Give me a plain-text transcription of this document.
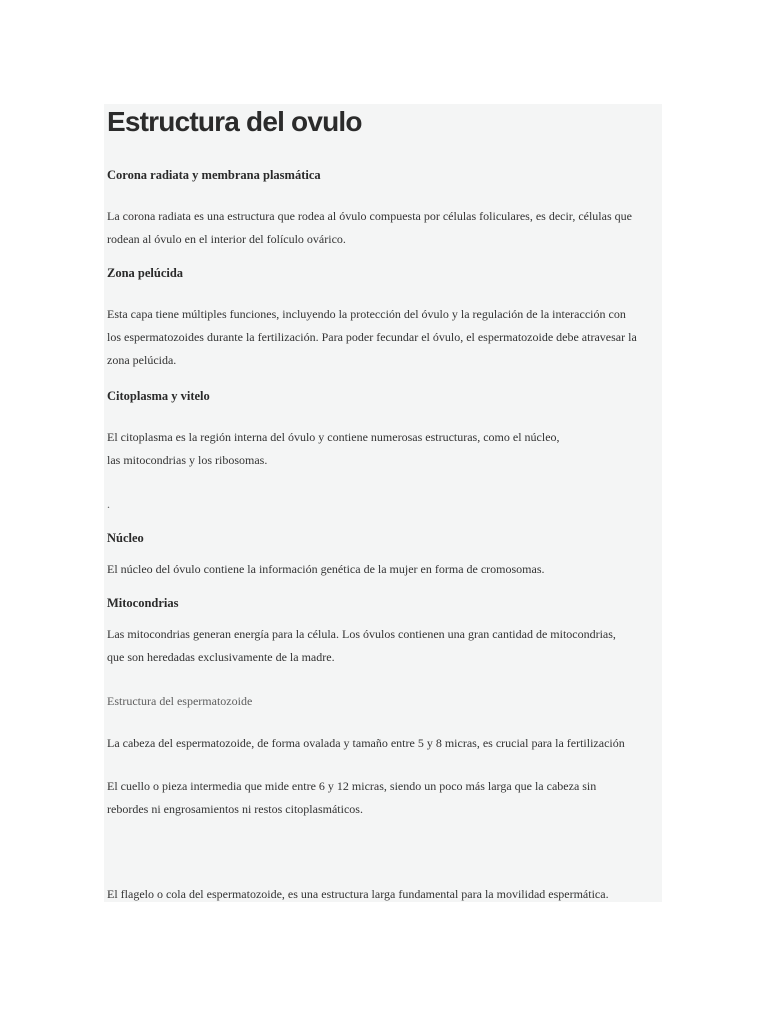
Estructura del ovulo
Corona radiata y membrana plasmática
La corona radiata es una estructura que rodea al óvulo compuesta por células foliculares, es decir, células que
rodean al óvulo en el interior del folículo ovárico.
Zona pelúcida
Esta capa tiene múltiples funciones, incluyendo la protección del óvulo y la regulación de la interacción con
los espermatozoides durante la fertilización. Para poder fecundar el óvulo, el espermatozoide debe atravesar la
zona pelúcida.
Citoplasma y vitelo
El citoplasma es la región interna del óvulo y contiene numerosas estructuras, como el núcleo,
las mitocondrias y los ribosomas.
.
Núcleo
El núcleo del óvulo contiene la información genética de la mujer en forma de cromosomas.
Mitocondrias
Las mitocondrias generan energía para la célula. Los óvulos contienen una gran cantidad de mitocondrias,
que son heredadas exclusivamente de la madre.
Estructura del espermatozoide
La cabeza del espermatozoide, de forma ovalada y tamaño entre 5 y 8 micras, es crucial para la fertilización
El cuello o pieza intermedia que mide entre 6 y 12 micras, siendo un poco más larga que la cabeza sin
rebordes ni engrosamientos ni restos citoplasmáticos.
El flagelo o cola del espermatozoide, es una estructura larga fundamental para la movilidad espermática.
